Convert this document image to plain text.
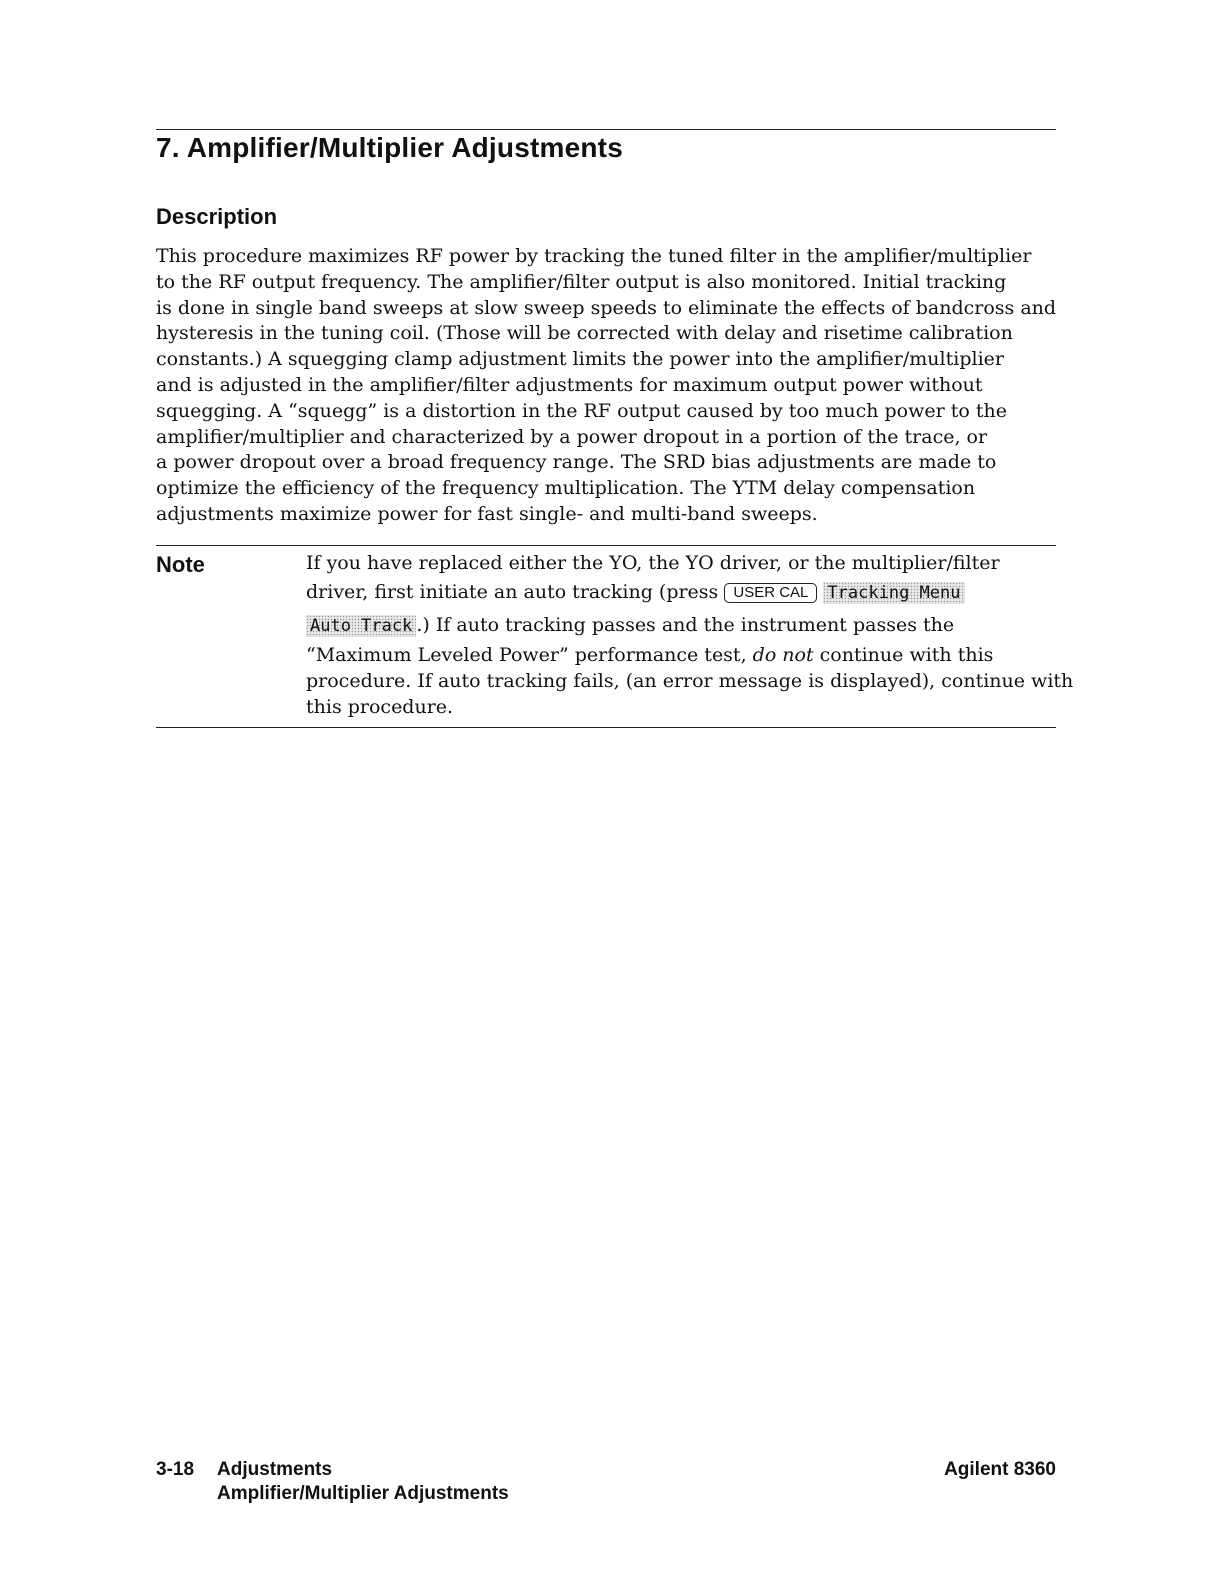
7. Amplifier/Multiplier Adjustments
Description

This procedure maximizes RF power by tracking the tuned filter in the amplifier/multiplier
to the RF output frequency. The amplifier/filter output is also monitored. Initial tracking
is done in single band sweeps at slow sweep speeds to eliminate the effects of bandcross and
hysteresis in the tuning coil. (Those will be corrected with delay and risetime calibration
constants.) A squegging clamp adjustment limits the power into the amplifier/multiplier
and is adjusted in the amplifier/filter adjustments for maximum output power without
squegging. A “squegg” is a distortion in the RF output caused by too much power to the
amplifier/multiplier and characterized by a power dropout in a portion of the trace, or
a power dropout over a broad frequency range. The SRD bias adjustments are made to
optimize the efficiency of the frequency multiplication. The YTM delay compensation
adjustments maximize power for fast single- and multi-band sweeps.

Note	If you have replaced either the YO, the YO driver, or the multiplier/filter
driver, first initiate an auto tracking (press USER CAL Tracking Menu
Auto Track .) If auto tracking passes and the instrument passes the
“Maximum Leveled Power” performance test, do not continue with this
procedure. If auto tracking fails, (an error message is displayed), continue with
this procedure.
3-18 Adjustments
Amplifier/Multiplier Adjustments
Agilent 8360
